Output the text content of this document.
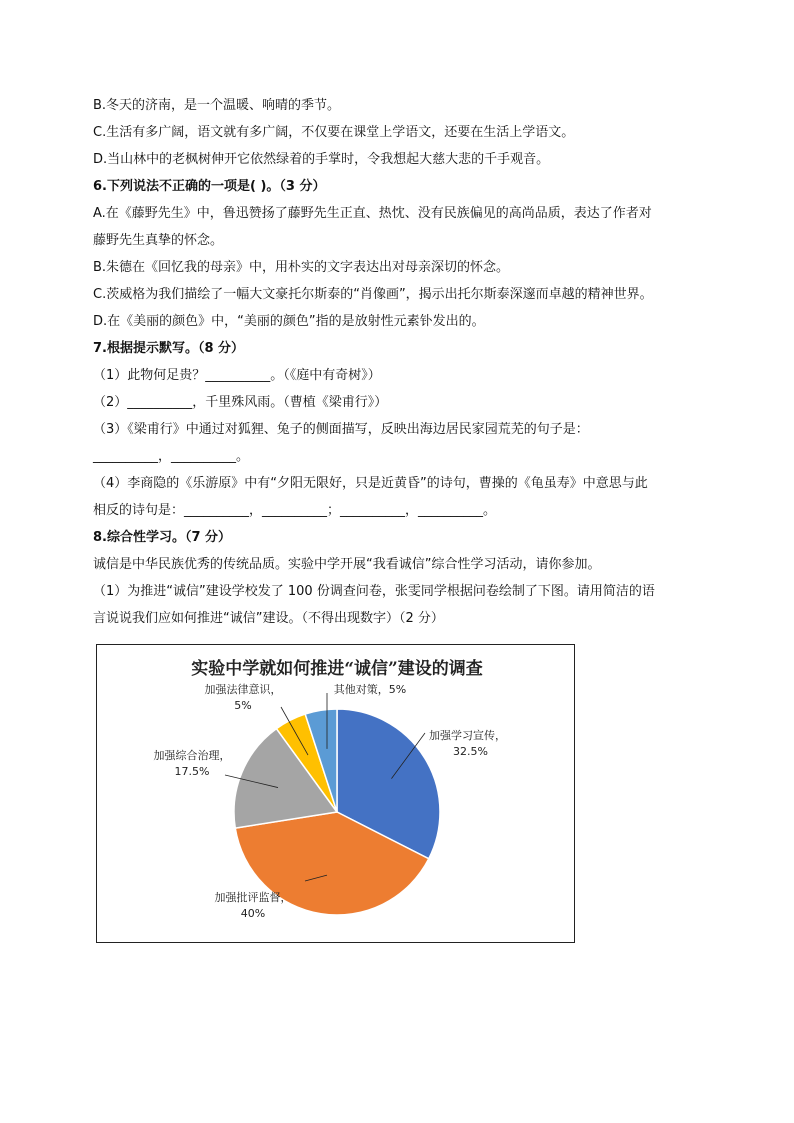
B.冬天的济南，是一个温暖、响晴的季节。
C.生活有多广阔，语文就有多广阔，不仅要在课堂上学语文，还要在生活上学语文。
D.当山林中的老枫树伸开它依然绿着的手掌时，令我想起大慈大悲的千手观音。
6.下列说法不正确的一项是( )。（3 分）
A.在《藤野先生》中，鲁迅赞扬了藤野先生正直、热忱、没有民族偏见的高尚品质，表达了作者对
藤野先生真挚的怀念。
B.朱德在《回忆我的母亲》中，用朴实的文字表达出对母亲深切的怀念。
C.茨威格为我们描绘了一幅大文豪托尔斯泰的“肖像画”，揭示出托尔斯泰深邃而卓越的精神世界。
D.在《美丽的颜色》中，“美丽的颜色”指的是放射性元素钋发出的。
7.根据提示默写。（8 分）
（1）此物何足贵？__________。（《庭中有奇树》）
（2）__________，千里殊风雨。（曹植《梁甫行》）
（3）《梁甫行》中通过对狐狸、兔子的侧面描写，反映出海边居民家园荒芜的句子是：
__________，__________。
（4）李商隐的《乐游原》中有“夕阳无限好，只是近黄昏”的诗句，曹操的《龟虽寿》中意思与此
相反的诗句是：__________，__________；__________，__________。
8.综合性学习。（7 分）
诚信是中华民族优秀的传统品质。实验中学开展“我看诚信”综合性学习活动，请你参加。
（1）为推进“诚信”建设学校发了 100 份调查问卷，张雯同学根据问卷绘制了下图。请用简洁的语
言说说我们应如何推进“诚信”建设。（不得出现数字）（2 分）
实验中学就如何推进“诚信”建设的调查
加强学习宣传， 32.5%
加强批评监督， 40%
加强综合治理， 17.5%
加强法律意识， 5%
其他对策，5%
